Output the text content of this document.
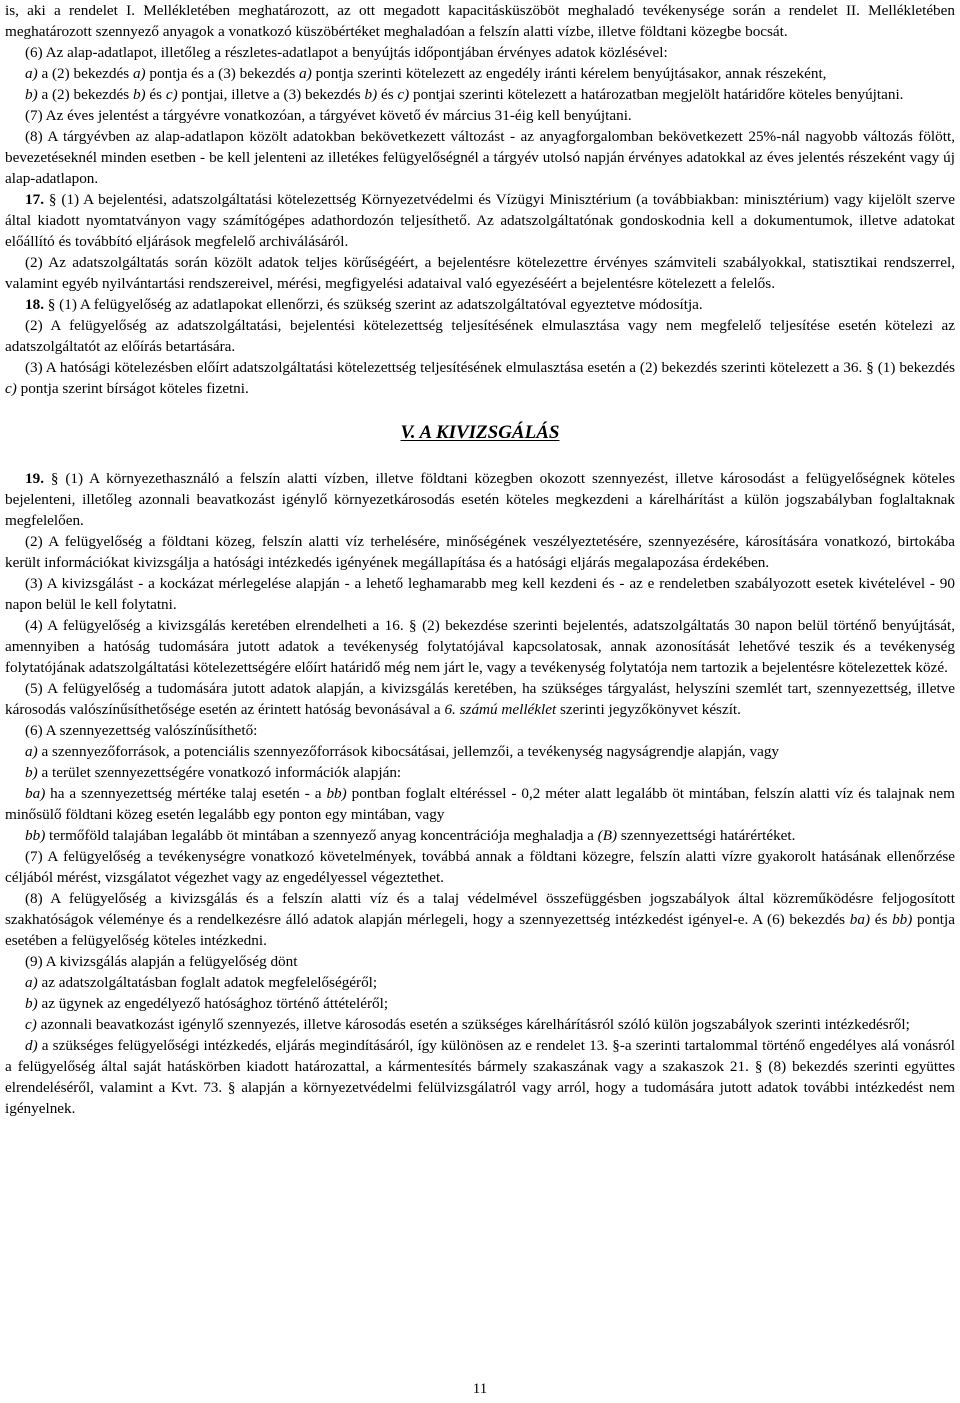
is, aki a rendelet I. Mellékletében meghatározott, az ott megadott kapacitásküszöböt meghaladó tevékenysége során a rendelet II. Mellékletében meghatározott szennyező anyagok a vonatkozó küszöbértéket meghaladóan a felszín alatti vízbe, illetve földtani közegbe bocsát.

(6) Az alap-adatlapot, illetőleg a részletes-adatlapot a benyújtás időpontjában érvényes adatok közlésével:

a) a (2) bekezdés a) pontja és a (3) bekezdés a) pontja szerinti kötelezett az engedély iránti kérelem benyújtásakor, annak részeként,

b) a (2) bekezdés b) és c) pontjai, illetve a (3) bekezdés b) és c) pontjai szerinti kötelezett a határozatban megjelölt határidőre köteles benyújtani.

(7) Az éves jelentést a tárgyévre vonatkozóan, a tárgyévet követő év március 31-éig kell benyújtani.

(8) A tárgyévben az alap-adatlapon közölt adatokban bekövetkezett változást - az anyagforgalomban bekövetkezett 25%-nál nagyobb változás fölött, bevezetéseknél minden esetben - be kell jelenteni az illetékes felügyelőségnél a tárgyév utolsó napján érvényes adatokkal az éves jelentés részeként vagy új alap-adatlapon.

17. § (1) A bejelentési, adatszolgáltatási kötelezettség Környezetvédelmi és Vízügyi Minisztérium (a továbbiakban: minisztérium) vagy kijelölt szerve által kiadott nyomtatványon vagy számítógépes adathordozón teljesíthető. Az adatszolgáltatónak gondoskodnia kell a dokumentumok, illetve adatokat előállító és továbbító eljárások megfelelő archiválásáról.

(2) Az adatszolgáltatás során közölt adatok teljes körűségéért, a bejelentésre kötelezettre érvényes számviteli szabályokkal, statisztikai rendszerrel, valamint egyéb nyilvántartási rendszereivel, mérési, megfigyelési adataival való egyezéséért a bejelentésre kötelezett a felelős.

18. § (1) A felügyelőség az adatlapokat ellenőrzi, és szükség szerint az adatszolgáltatóval egyeztetve módosítja.

(2) A felügyelőség az adatszolgáltatási, bejelentési kötelezettség teljesítésének elmulasztása vagy nem megfelelő teljesítése esetén kötelezi az adatszolgáltatót az előírás betartására.

(3) A hatósági kötelezésben előírt adatszolgáltatási kötelezettség teljesítésének elmulasztása esetén a (2) bekezdés szerinti kötelezett a 36. § (1) bekezdés c) pontja szerint bírságot köteles fizetni.

V. A KIVIZSGÁLÁS

19. § (1) A környezethasználó a felszín alatti vízben, illetve földtani közegben okozott szennyezést, illetve károsodást a felügyelőségnek köteles bejelenteni, illetőleg azonnali beavatkozást igénylő környezetkárosodás esetén köteles megkezdeni a kárelhárítást a külön jogszabályban foglaltaknak megfelelően.

(2) A felügyelőség a földtani közeg, felszín alatti víz terhelésére, minőségének veszélyeztetésére, szennyezésére, károsítására vonatkozó, birtokába került információkat kivizsgálja a hatósági intézkedés igényének megállapítása és a hatósági eljárás megalapozása érdekében.

(3) A kivizsgálást - a kockázat mérlegelése alapján - a lehető leghamarabb meg kell kezdeni és - az e rendeletben szabályozott esetek kivételével - 90 napon belül le kell folytatni.

(4) A felügyelőség a kivizsgálás keretében elrendelheti a 16. § (2) bekezdése szerinti bejelentés, adatszolgáltatás 30 napon belül történő benyújtását, amennyiben a hatóság tudomására jutott adatok a tevékenység folytatójával kapcsolatosak, annak azonosítását lehetővé teszik és a tevékenység folytatójának adatszolgáltatási kötelezettségére előírt határidő még nem járt le, vagy a tevékenység folytatója nem tartozik a bejelentésre kötelezettek közé.

(5) A felügyelőség a tudomására jutott adatok alapján, a kivizsgálás keretében, ha szükséges tárgyalást, helyszíni szemlét tart, szennyezettség, illetve károsodás valószínűsíthetősége esetén az érintett hatóság bevonásával a 6. számú melléklet szerinti jegyzőkönyvet készít.

(6) A szennyezettség valószínűsíthető:

a) a szennyezőforrások, a potenciális szennyezőforrások kibocsátásai, jellemzői, a tevékenység nagyságrendje alapján, vagy

b) a terület szennyezettségére vonatkozó információk alapján:

ba) ha a szennyezettség mértéke talaj esetén - a bb) pontban foglalt eltéréssel - 0,2 méter alatt legalább öt mintában, felszín alatti víz és talajnak nem minősülő földtani közeg esetén legalább egy ponton egy mintában, vagy

bb) termőföld talajában legalább öt mintában a szennyező anyag koncentrációja meghaladja a (B) szennyezettségi határértéket.

(7) A felügyelőség a tevékenységre vonatkozó követelmények, továbbá annak a földtani közegre, felszín alatti vízre gyakorolt hatásának ellenőrzése céljából mérést, vizsgálatot végezhet vagy az engedélyessel végeztethet.

(8) A felügyelőség a kivizsgálás és a felszín alatti víz és a talaj védelmével összefüggésben jogszabályok által közreműködésre feljogosított szakhatóságok véleménye és a rendelkezésre álló adatok alapján mérlegeli, hogy a szennyezettség intézkedést igényel-e. A (6) bekezdés ba) és bb) pontja esetében a felügyelőség köteles intézkedni.

(9) A kivizsgálás alapján a felügyelőség dönt

a) az adatszolgáltatásban foglalt adatok megfelelőségéről;

b) az ügynek az engedélyező hatósághoz történő áttételéről;

c) azonnali beavatkozást igénylő szennyezés, illetve károsodás esetén a szükséges kárelhárításról szóló külön jogszabályok szerinti intézkedésről;

d) a szükséges felügyelőségi intézkedés, eljárás megindításáról, így különösen az e rendelet 13. §-a szerinti tartalommal történő engedélyes alá vonásról a felügyelőség által saját hatáskörben kiadott határozattal, a kármentesítés bármely szakaszának vagy a szakaszok 21. § (8) bekezdés szerinti együttes elrendeléséről, valamint a Kvt. 73. § alapján a környezetvédelmi felülvizsgálatról vagy arról, hogy a tudomására jutott adatok további intézkedést nem igényelnek.

11
